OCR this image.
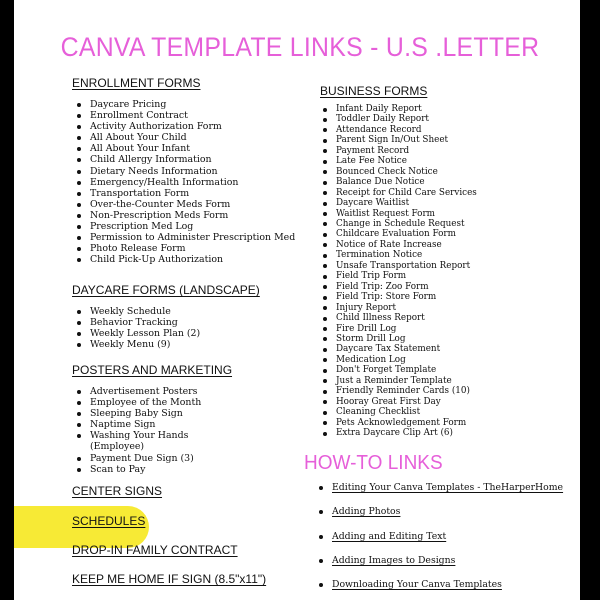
CANVA TEMPLATE LINKS - U.S .LETTER
ENROLLMENT FORMS
Daycare Pricing
Enrollment Contract
Activity Authorization Form
All About Your Child
All About Your Infant
Child Allergy Information
Dietary Needs Information
Emergency/Health Information
Transportation Form
Over-the-Counter Meds Form
Non-Prescription Meds Form
Prescription Med Log
Permission to Administer Prescription Med
Photo Release Form
Child Pick-Up Authorization
DAYCARE FORMS (LANDSCAPE)
Weekly Schedule
Behavior Tracking
Weekly Lesson Plan (2)
Weekly Menu (9)
POSTERS AND MARKETING
Advertisement Posters
Employee of the Month
Sleeping Baby Sign
Naptime Sign
Washing Your Hands
(Employee)
Payment Due Sign (3)
Scan to Pay
CENTER SIGNS
SCHEDULES
DROP-IN FAMILY CONTRACT
KEEP ME HOME IF SIGN (8.5"x11")
BUSINESS FORMS
Infant Daily Report
Toddler Daily Report
Attendance Record
Parent Sign In/Out Sheet
Payment Record
Late Fee Notice
Bounced Check Notice
Balance Due Notice
Receipt for Child Care Services
Daycare Waitlist
Waitlist Request Form
Change in Schedule Request
Childcare Evaluation Form
Notice of Rate Increase
Termination Notice
Unsafe Transportation Report
Field Trip Form
Field Trip: Zoo Form
Field Trip: Store Form
Injury Report
Child Illness Report
Fire Drill Log
Storm Drill Log
Daycare Tax Statement
Medication Log
Don't Forget Template
Just a Reminder Template
Friendly Reminder Cards (10)
Hooray Great First Day
Cleaning Checklist
Pets Acknowledgement Form
Extra Daycare Clip Art (6)
HOW-TO LINKS
Editing Your Canva Templates - TheHarperHome
Adding Photos
Adding and Editing Text
Adding Images to Designs
Downloading Your Canva Templates
